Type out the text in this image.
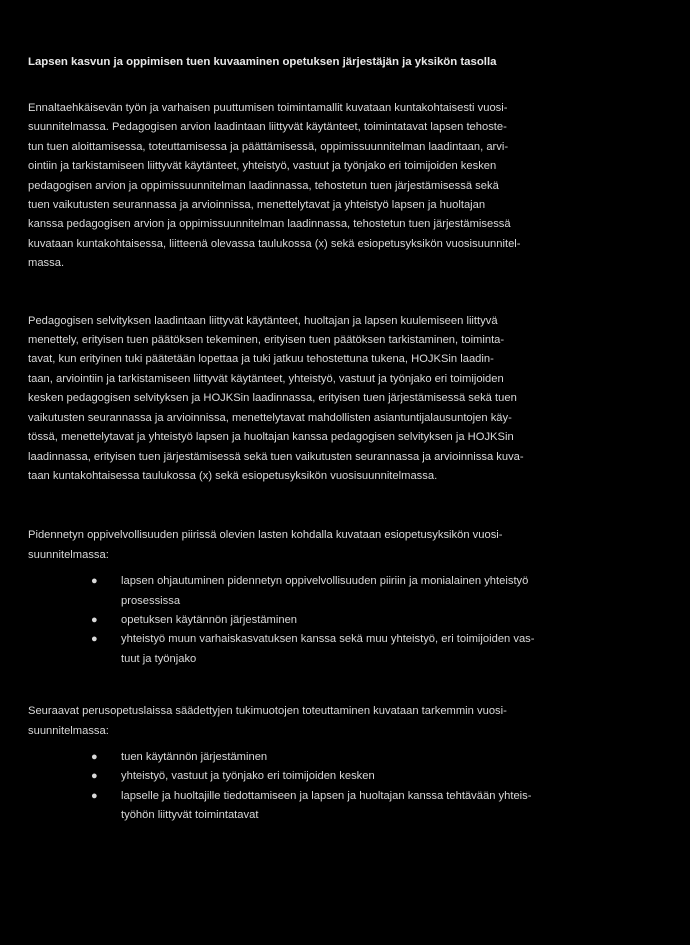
Lapsen kasvun ja oppimisen tuen kuvaaminen opetuksen järjestäjän ja yksikön tasolla
Ennaltaehkäisevän työn ja varhaisen puuttumisen toimintamallit kuvataan kuntakohtaisesti vuosi-
suunnitelmassa. Pedagogisen arvion laadintaan liittyvät käytänteet, toimintatavat lapsen tehoste-
tun tuen aloittamisessa, toteuttamisessa ja päättämisessä, oppimissuunnitelman laadintaan, arvi-
ointiin ja tarkistamiseen liittyvät käytänteet, yhteistyö, vastuut ja työnjako eri toimijoiden kesken
pedagogisen arvion ja oppimissuunnitelman laadinnassa, tehostetun tuen järjestämisessä sekä
tuen vaikutusten seurannassa ja arvioinnissa, menettelytavat ja yhteistyö lapsen ja huoltajan
kanssa pedagogisen arvion ja oppimissuunnitelman laadinnassa, tehostetun tuen järjestämisessä
kuvataan kuntakohtaisessa, liitteenä olevassa taulukossa (x) sekä esiopetusyksikön vuosisuunnitel-
massa.
Pedagogisen selvityksen laadintaan liittyvät käytänteet, huoltajan ja lapsen kuulemiseen liittyvä
menettely, erityisen tuen päätöksen tekeminen, erityisen tuen päätöksen tarkistaminen, toiminta-
tavat, kun erityinen tuki päätetään lopettaa ja tuki jatkuu tehostettuna tukena, HOJKSin laadin-
taan, arviointiin ja tarkistamiseen liittyvät käytänteet, yhteistyö, vastuut ja työnjako eri toimijoiden
kesken pedagogisen selvityksen ja HOJKSin laadinnassa, erityisen tuen järjestämisessä sekä tuen
vaikutusten seurannassa ja arvioinnissa, menettelytavat mahdollisten asiantuntijalausuntojen käy-
tössä, menettelytavat ja yhteistyö lapsen ja huoltajan kanssa pedagogisen selvityksen ja HOJKSin
laadinnassa, erityisen tuen järjestämisessä sekä tuen vaikutusten seurannassa ja arvioinnissa kuva-
taan kuntakohtaisessa taulukossa (x) sekä esiopetusyksikön vuosisuunnitelmassa.
Pidennetyn oppivelvollisuuden piirissä olevien lasten kohdalla kuvataan esiopetusyksikön vuosi-
suunnitelmassa:
● lapsen ohjautuminen pidennetyn oppivelvollisuuden piiriin ja monialainen yhteistyö
prosessissa
● opetuksen käytännön järjestäminen
● yhteistyö muun varhaiskasvatuksen kanssa sekä muu yhteistyö, eri toimijoiden vas-
tuut ja työnjako
Seuraavat perusopetuslaissa säädettyjen tukimuotojen toteuttaminen kuvataan tarkemmin vuosi-
suunnitelmassa:
● tuen käytännön järjestäminen
● yhteistyö, vastuut ja työnjako eri toimijoiden kesken
● lapselle ja huoltajille tiedottamiseen ja lapsen ja huoltajan kanssa tehtävään yhteis-
työhön liittyvät toimintatavat
